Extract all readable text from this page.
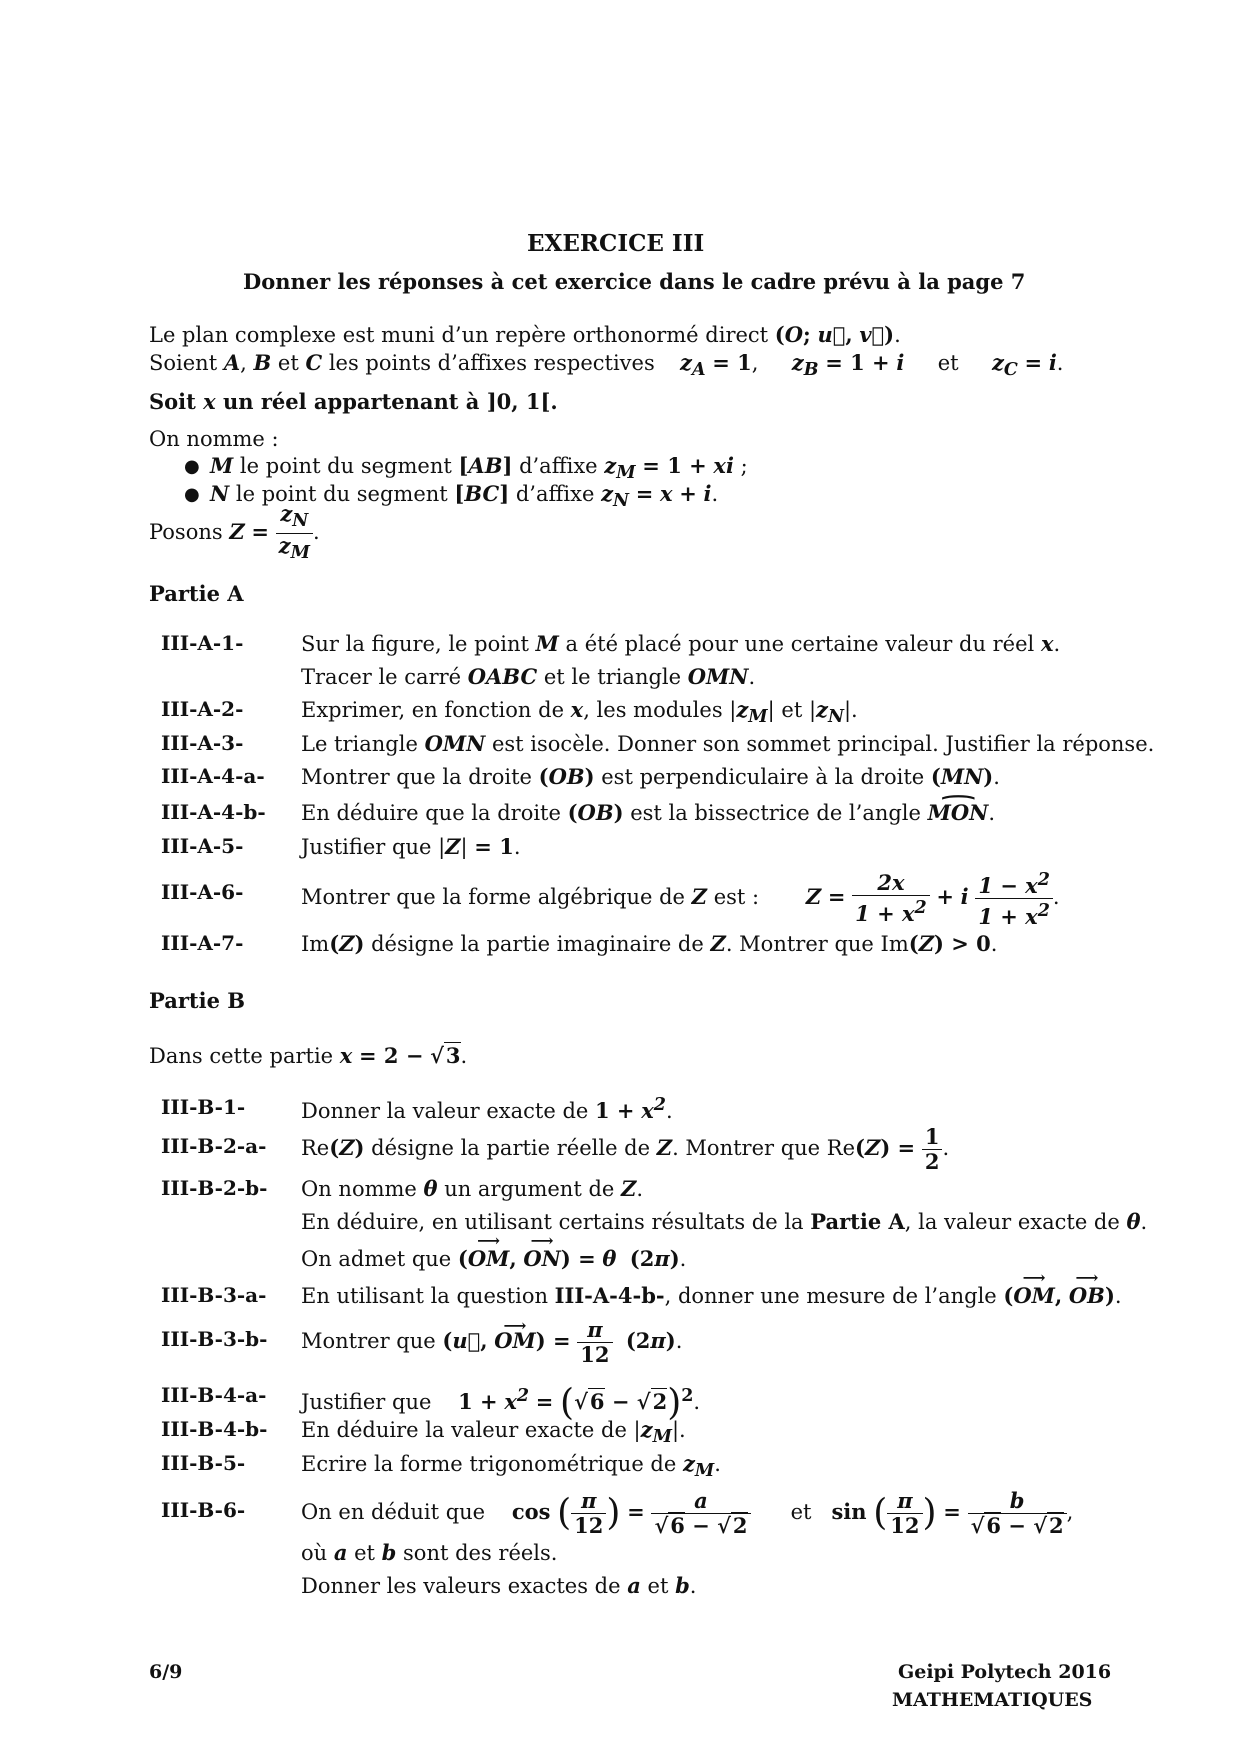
EXERCICE III
Donner les réponses à cet exercice dans le cadre prévu à la page 7
Le plan complexe est muni d’un repère orthonormé direct (O; u⃗, v⃗).
Soient A, B et C les points d’affixes respectives $z_A = 1$,     $z_B = 1 + i$     et     $z_C = i$.
Soit x un réel appartenant à ]0, 1[.
On nomme :
● M le point du segment [AB] d’affixe $z_M = 1$ + xi ;
● N le point du segment [BC] d’affixe $z_N = x + i$.
Posons $Z = \frac{z_N}{z_M}$ .
Partie A
III-A-1-	Sur la figure, le point M a été placé pour une certaine valeur du réel x.
Tracer le carré OABC et le triangle OMN.
III-A-2-	Exprimer, en fonction de x, les modules $|z_M|$ et $|z_N|$.
III-A-3-	Le triangle OMN est isocèle. Donner son sommet principal. Justifier la réponse.
III-A-4-a- Montrer que la droite (OB) est perpendiculaire à la droite (MN).
III-A-4-b- En déduire que la droite (OB) est la bissectrice de l’angle ⌢ MON.
III-A-5-	Justifier que |Z| = 1.
III-A-6-	Montrer que la forme algébrique de Z est :       $Z = \frac{2x}{1 + x^2} + i \frac{1 - x^2}{1 + x^2}$ .
III-A-7-	Im(Z) désigne la partie imaginaire de Z. Montrer que Im(Z) > 0.
Partie B
Dans cette partie x = 2 − √3.
III-B-1-	Donner la valeur exacte de $1 + x^2$.
III-B-2-a- Re(Z) désigne la partie réelle de Z. Montrer que $Re(Z) = \frac{1}{2}$ .
III-B-2-b- On nomme θ un argument de Z.
En déduire, en utilisant certains résultats de la Partie A, la valeur exacte de θ.
On admet que (⟶ OM, ⟶ ON) = θ (2π).
III-B-3-a- En utilisant la question III-A-4-b-, donner une mesure de l’angle (⟶ OM, ⟶ OB).
III-B-3-b- Montrer que (u⃗, ⟶ $OM) = \frac{\pi}{12} (2\pi)$.
III-B-4-a- Justifier que    $1 + x^2 = (√6 - √2)^2$.
III-B-4-b- En déduire la valeur exacte de $|z_M|$.
III-B-5-	Ecrire la forme trigonométrique de $z_M$.
III-B-6-	On en déduit que    cos ( $\frac{\pi}{12}$ ) = $\frac{a}{√6 - √2}$ et   sin ( $\frac{\pi}{12}$ ) = $\frac{b}{√6 - √2}$ ,
où a et b sont des réels.
Donner les valeurs exactes de a et b.
6/9	Geipi Polytech 2016
MATHEMATIQUES
